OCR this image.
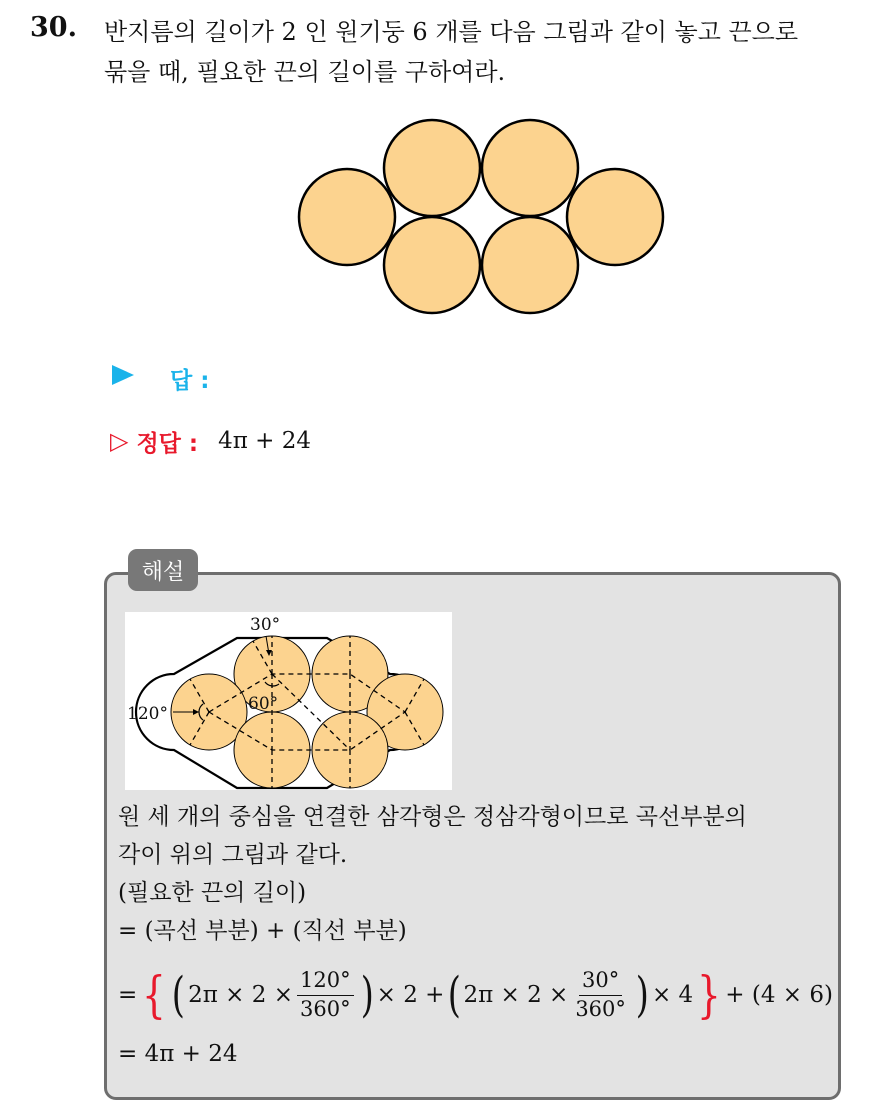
30. 반지름의 길이가 2 인 원기둥 6 개를 다음 그림과 같이 놓고 끈으로
묶을 때, 필요한 끈의 길이를 구하여라.
답 :
▷ 정답 : 4π + 24
해설
30°
120°	60°
원 세 개의 중심을 연결한 삼각형은 정삼각형이므로 곡선부분의
각이 위의 그림과 같다.
(필요한 끈의 길이)
= (곡선 부분) + (직선 부분)
= { ( $2\pi \times 2 \times \frac{120^\circ}{360^\circ}$ ) × 2 + ( $2\pi \times 2 \times \frac{30^\circ}{360^\circ}$ ) × 4 } + (4 × 6)
= 4π + 24
